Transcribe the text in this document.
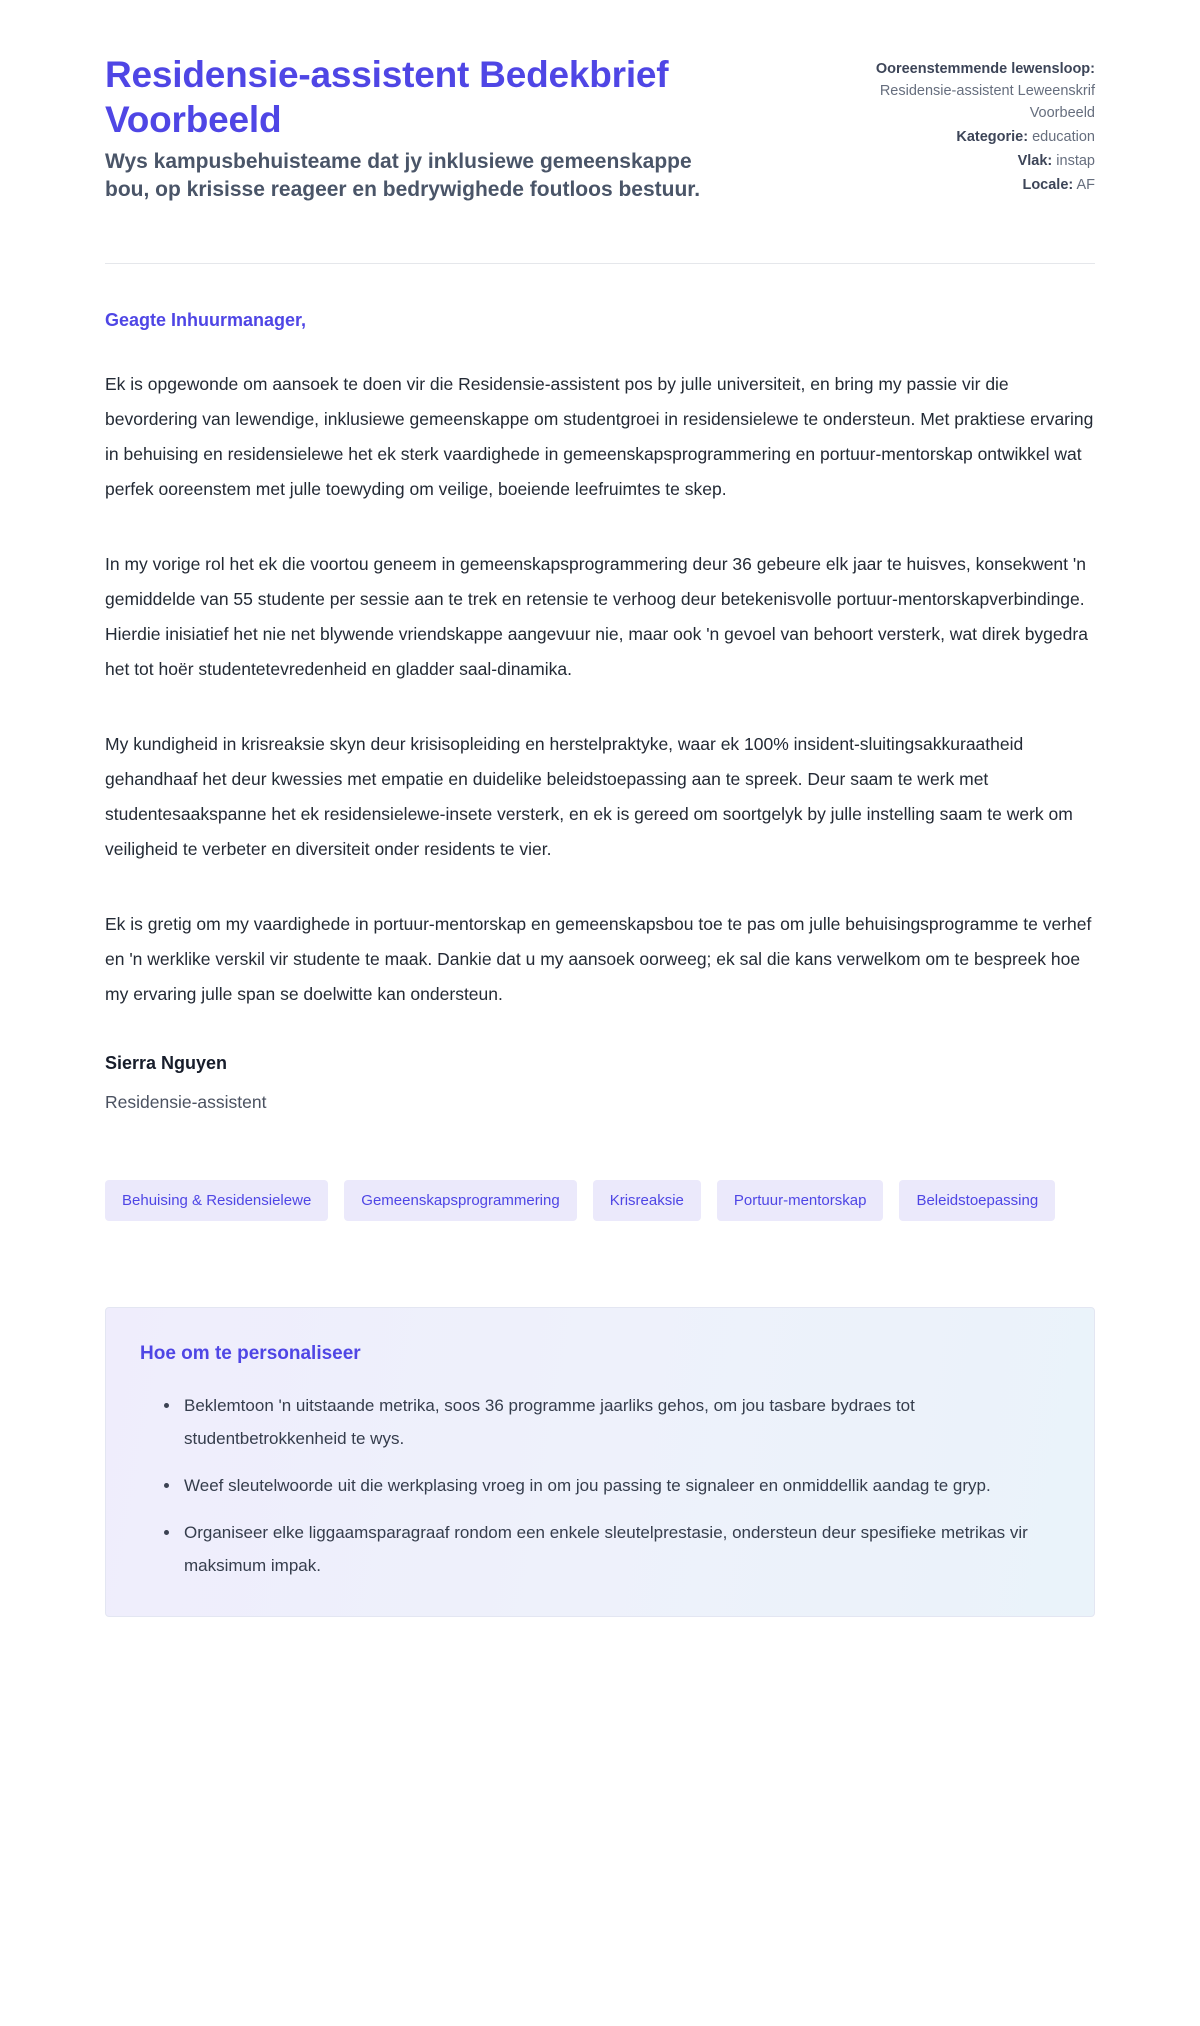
Residensie-assistent Bedekbrief Voorbeeld

Wys kampusbehuisteame dat jy inklusiewe gemeenskappe bou, op krisisse reageer en bedrywighede foutloos bestuur.

Ooreenstemmende lewensloop: Residensie-assistent Leweenskrif Voorbeeld
Kategorie: education
Vlak: instap
Locale: AF

Geagte Inhuurmanager,

Ek is opgewonde om aansoek te doen vir die Residensie-assistent pos by julle universiteit, en bring my passie vir die bevordering van lewendige, inklusiewe gemeenskappe om studentgroei in residensielewe te ondersteun. Met praktiese ervaring in behuising en residensielewe het ek sterk vaardighede in gemeenskapsprogrammering en portuur-mentorskap ontwikkel wat perfek ooreenstem met julle toewyding om veilige, boeiende leefruimtes te skep.

In my vorige rol het ek die voortou geneem in gemeenskapsprogrammering deur 36 gebeure elk jaar te huisves, konsekwent 'n gemiddelde van 55 studente per sessie aan te trek en retensie te verhoog deur betekenisvolle portuur-mentorskapverbindinge. Hierdie inisiatief het nie net blywende vriendskappe aangevuur nie, maar ook 'n gevoel van behoort versterk, wat direk bygedra het tot hoër studentetevredenheid en gladder saal-dinamika.

My kundigheid in krisreaksie skyn deur krisisopleiding en herstelpraktyke, waar ek 100% insident-sluitingsakkuraatheid gehandhaaf het deur kwessies met empatie en duidelike beleidstoepassing aan te spreek. Deur saam te werk met studentesaakspanne het ek residensielewe-insete versterk, en ek is gereed om soortgelyk by julle instelling saam te werk om veiligheid te verbeter en diversiteit onder residents te vier.

Ek is gretig om my vaardighede in portuur-mentorskap en gemeenskapsbou toe te pas om julle behuisingsprogramme te verhef en 'n werklike verskil vir studente te maak. Dankie dat u my aansoek oorweeg; ek sal die kans verwelkom om te bespreek hoe my ervaring julle span se doelwitte kan ondersteun.

Sierra Nguyen

Residensie-assistent

Behuising & Residensielewe	Gemeenskapsprogrammering	Krisreaksie	Portuur-mentorskap	Beleidstoepassing
Hoe om te personaliseer
Beklemtoon 'n uitstaande metrika, soos 36 programme jaarliks gehos, om jou tasbare bydraes tot studentbetrokkenheid te wys.
Weef sleutelwoorde uit die werkplasing vroeg in om jou passing te signaleer en onmiddellik aandag te gryp.
Organiseer elke liggaamsparagraaf rondom een enkele sleutelprestasie, ondersteun deur spesifieke metrikas vir maksimum impak.
